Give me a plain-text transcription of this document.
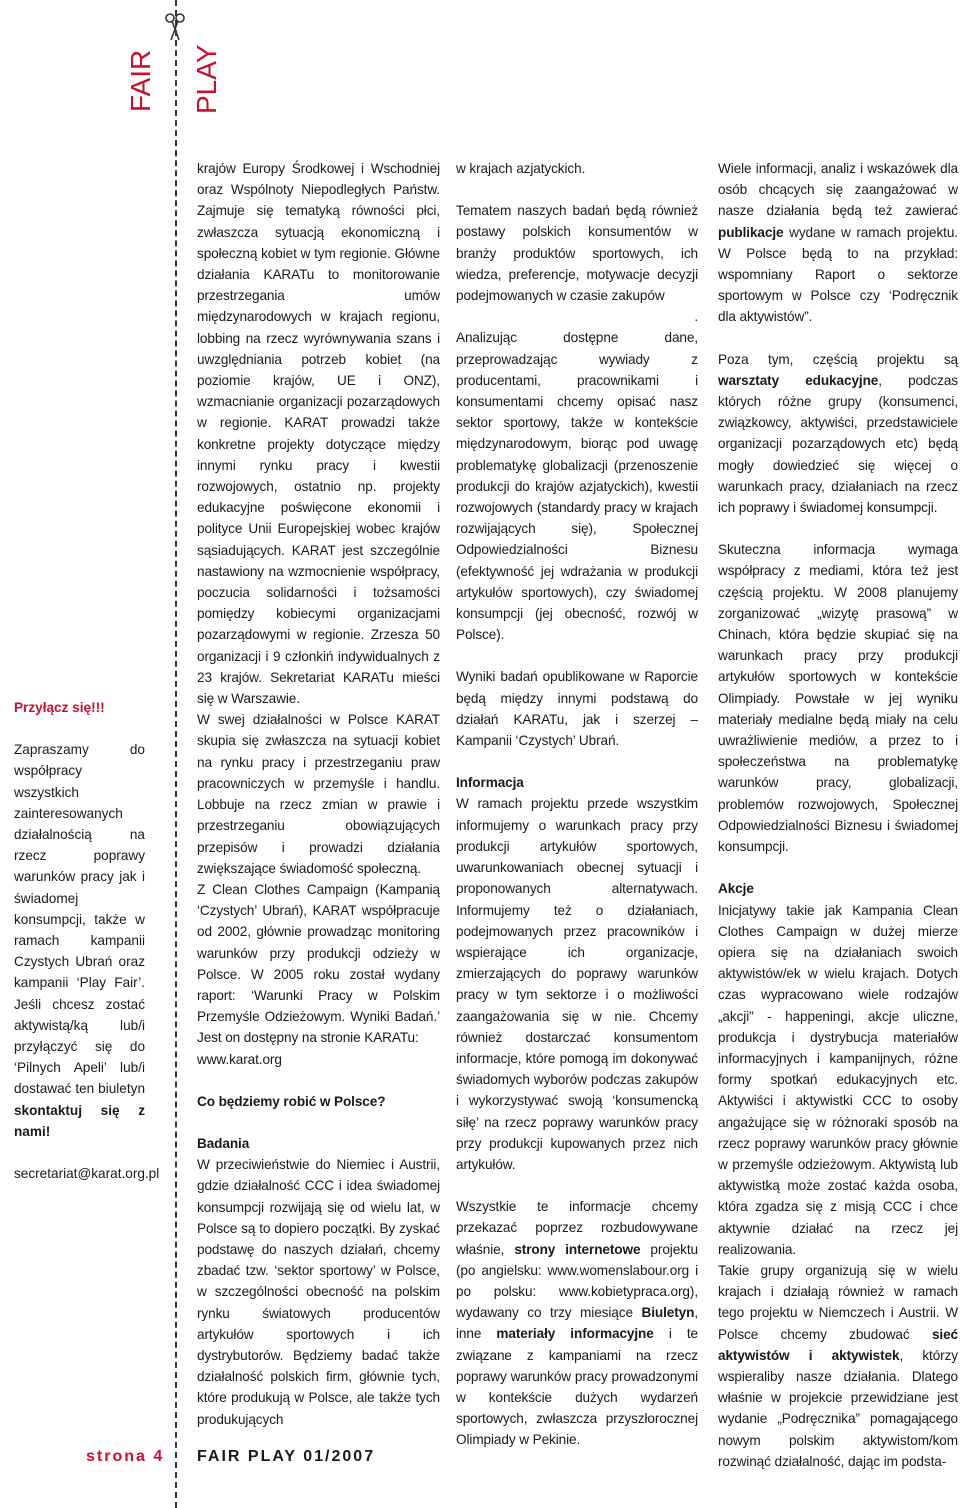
FAIR PLAY

Przyłącz się!!!

Zapraszamy do współpracy wszystkich zainteresowanych działalnością na rzecz poprawy warunków pracy jak i świadomej konsumpcji, także w ramach kampanii Czystych Ubrań oraz kampanii ‘Play Fair’. Jeśli chcesz zostać aktywistą/ką lub/i przyłączyć się do ‘Pilnych Apeli’ lub/i dostawać ten biuletyn skontaktuj się z nami!

secretariat@karat.org.pl

krajów Europy Środkowej i Wschodniej oraz Wspólnoty Niepodległych Państw. Zajmuje się tematyką równości płci, zwłaszcza sytuacją ekonomiczną i społeczną kobiet w tym regionie. Główne działania KARATu to monitorowanie przestrzegania umów międzynarodowych w krajach regionu, lobbing na rzecz wyrównywania szans i uwzględniania potrzeb kobiet (na poziomie krajów, UE i ONZ), wzmacnianie organizacji pozarządowych w regionie. KARAT prowadzi także konkretne projekty dotyczące między innymi rynku pracy i kwestii rozwojowych, ostatnio np. projekty edukacyjne poświęcone ekonomii i polityce Unii Europejskiej wobec krajów sąsiadujących. KARAT jest szczególnie nastawiony na wzmocnienie współpracy, poczucia solidarności i tożsamości pomiędzy kobiecymi organizacjami pozarządowymi w regionie. Zrzesza 50 organizacji i 9 członkiń indywidualnych z 23 krajów. Sekretariat KARATu mieści się w Warszawie.

W swej działalności w Polsce KARAT skupia się zwłaszcza na sytuacji kobiet na rynku pracy i przestrzeganiu praw pracowniczych w przemyśle i handlu. Lobbuje na rzecz zmian w prawie i przestrzeganiu obowiązujących przepisów i prowadzi działania zwiększające świadomość społeczną.

Z Clean Clothes Campaign (Kampanią ‘Czystych’ Ubrań), KARAT współpracuje od 2002, głównie prowadząc monitoring warunków przy produkcji odzieży w Polsce. W 2005 roku został wydany raport: ‘Warunki Pracy w Polskim Przemyśle Odzieżowym. Wyniki Badań.’ Jest on dostępny na stronie KARATu:

www.karat.org

Co będziemy robić w Polsce?

Badania

W przeciwieństwie do Niemiec i Austrii, gdzie działalność CCC i idea świadomej konsumpcji rozwijają się od wielu lat, w Polsce są to dopiero początki. By zyskać podstawę do naszych działań, chcemy zbadać tzw. ‘sektor sportowy’ w Polsce, w szczególności obecność na polskim rynku światowych producentów artykułów sportowych i ich dystrybutorów. Będziemy badać także działalność polskich firm, głównie tych, które produkują w Polsce, ale także tych produkujących

w krajach azjatyckich.

Tematem naszych badań będą również postawy polskich konsumentów w branży produktów sportowych, ich wiedza, preferencje, motywacje decyzji podejmowanych w czasie zakupów

.

Analizując dostępne dane, przeprowadzając wywiady z producentami, pracownikami i konsumentami chcemy opisać nasz sektor sportowy, także w kontekście międzynarodowym, biorąc pod uwagę problematykę globalizacji (przenoszenie produkcji do krajów azjatyckich), kwestii rozwojowych (standardy pracy w krajach rozwijających się), Społecznej Odpowiedzialności Biznesu (efektywność jej wdrażania w produkcji artykułów sportowych), czy świadomej konsumpcji (jej obecność, rozwój w Polsce).

Wyniki badań opublikowane w Raporcie będą między innymi podstawą do działań KARATu, jak i szerzej – Kampanii ‘Czystych’ Ubrań.

Informacja

W ramach projektu przede wszystkim informujemy o warunkach pracy przy produkcji artykułów sportowych, uwarunkowaniach obecnej sytuacji i proponowanych alternatywach. Informujemy też o działaniach, podejmowanych przez pracowników i wspierające ich organizacje, zmierzających do poprawy warunków pracy w tym sektorze i o możliwości zaangażowania się w nie. Chcemy również dostarczać konsumentom informacje, które pomogą im dokonywać świadomych wyborów podczas zakupów i wykorzystywać swoją ‘konsumencką siłę’ na rzecz poprawy warunków pracy przy produkcji kupowanych przez nich artykułów.

Wszystkie te informacje chcemy przekazać poprzez rozbudowywane właśnie, strony internetowe projektu (po angielsku: www.womenslabour.org i po polsku: www.kobietypraca.org), wydawany co trzy miesiące Biuletyn, inne materiały informacyjne i te związane z kampaniami na rzecz poprawy warunków pracy prowadzonymi w kontekście dużych wydarzeń sportowych, zwłaszcza przyszłorocznej Olimpiady w Pekinie.

Wiele informacji, analiz i wskazówek dla osób chcących się zaangażować w nasze działania będą też zawierać publikacje wydane w ramach projektu. W Polsce będą to na przykład: wspomniany Raport o sektorze sportowym w Polsce czy ‘Podręcznik dla aktywistów”.

Poza tym, częścią projektu są warsztaty edukacyjne, podczas których różne grupy (konsumenci, związkowcy, aktywiści, przedstawiciele organizacji pozarządowych etc) będą mogły dowiedzieć się więcej o warunkach pracy, działaniach na rzecz ich poprawy i świadomej konsumpcji.

Skuteczna informacja wymaga współpracy z mediami, która też jest częścią projektu. W 2008 planujemy zorganizować „wizytę prasową” w Chinach, która będzie skupiać się na warunkach pracy przy produkcji artykułów sportowych w kontekście Olimpiady. Powstałe w jej wyniku materiały medialne będą miały na celu uwrażliwienie mediów, a przez to i społeczeństwa na problematykę warunków pracy, globalizacji, problemów rozwojowych, Społecznej Odpowiedzialności Biznesu i świadomej konsumpcji.

Akcje

Inicjatywy takie jak Kampania Clean Clothes Campaign w dużej mierze opiera się na działaniach swoich aktywistów/ek w wielu krajach. Dotych czas wypracowano wiele rodzajów „akcji” - happeningi, akcje uliczne, produkcja i dystrybucja materiałów informacyjnych i kampanijnych, różne formy spotkań edukacyjnych etc. Aktywiści i aktywistki CCC to osoby angażujące się w różnoraki sposób na rzecz poprawy warunków pracy głównie w przemyśle odzieżowym. Aktywistą lub aktywistką może zostać każda osoba, która zgadza się z misją CCC i chce aktywnie działać na rzecz jej realizowania.

Takie grupy organizują się w wielu krajach i działają również w ramach tego projektu w Niemczech i Austrii. W Polsce chcemy zbudować sieć aktywistów i aktywistek, którzy wspieraliby nasze działania. Dlatego właśnie w projekcie przewidziane jest wydanie „Podręcznika” pomagającego nowym polskim aktywistom/kom rozwinąć działalność, dając im podsta-

strona 4 FAIR PLAY 01/2007
